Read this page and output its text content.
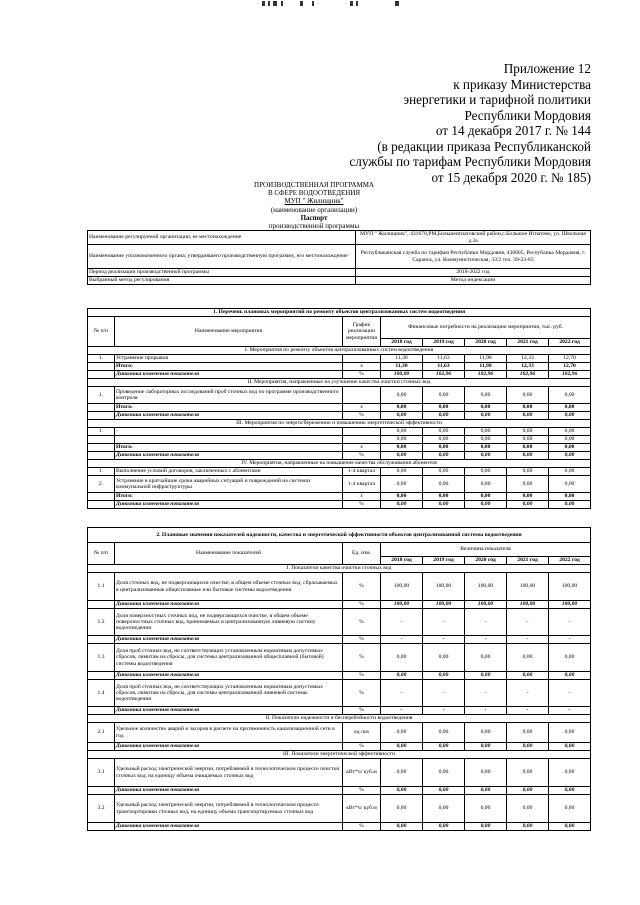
Приложение 12
к приказу Министерства
энергетики и тарифной политики
Республики Мордовия
от 14 декабря 2017 г. № 144
(в редакции приказа Республиканской
службы по тарифам Республики Мордовия
от 15 декабря 2020 г. № 185)
ПРОИЗВОДСТВЕННАЯ ПРОГРАММА
В СФЕРЕ ВОДООТВЕДЕНИЯ
МУП " Жилищник"
(наименование организации)
Паспорт
производственной программы
Наименование регулируемой организации, ее местонахождение	МУП " Жилищник", 431670,РМ,Большеигнатовский район,с.Большое Игнатово, ул. Школьная д.3а
Наименование уполномоченного органа, утвердившего производственную программу, его местонахождение	Республиканская служба по тарифам Республики Мордовия, 430005, Республика Мордовия, г. Саранск, ул. Коммунистическая, 33/2 тел. 39-23-83
Период реализации производственной программы	2018-2022 год
Выбранный метод регулирования	Метод индексации
1. Перечень плановых мероприятий по ремонту объектов централизованных систем водоотведения							
№ п/п	Наименование мероприятия	График реализации мероприятия	Финансовые потребности на реализацию мероприятия, тыс. руб.				
			2018 год	2019 год	2020 год	2021 год	2022 год
I. Мероприятия по ремонту объектов централизованных систем водоотведения							
1.	Устранение прорывов		11,30	11,63	11,98	12,33	12,70
	Итого:	х	11,30	11,63	11,98	12,33	12,70
	Динамика изменения показателя	%	100,00	102,96	102,96	102,96	102,96
II. Мероприятия, направленные на улучшение качества очистки сточных вод							
1.	Проведение лабораторных исследований проб сточных вод по программе производственного контроля		0,00	0,00	0,00	0,00	0,00
	Итого:	х	0,00	0,00	0,00	0,00	0,00
	Динамика изменения показателя	%	0,00	0,00	0,00	0,00	0,00
III. Мероприятия по энергосбережению и повышению энергетической эффективности							
1.	-		0,00	0,00	0,00	0,00	0,00
			0,00	0,00	0,00	0,00	0,00
	Итого:	х	0,00	0,00	0,00	0,00	0,00
	Динамика изменения показателя	%	0,00	0,00	0,00	0,00	0,00
IV. Мероприятия, направленные на повышение качества обслуживания абонентов							
1.	Выполнение условий договоров, заключенных с абонентами	1-4 квартал	0,00	0,00	0,00	0,00	0,00
2.	Устранение в кратчайшие сроки аварийных ситуаций и повреждений на системах коммунальной инфраструктуры	1-4 квартал	0,00	0,00	0,00	0,00	0,00
	Итого:	х	0,00	0,00	0,00	0,00	0,00
	Динамика изменения показателя	%	0,00	0,00	0,00	0,00	0,00
2. Плановые значения показателей надежности, качества и энергетической эффективности объектов централизованной системы водоотведения							
№ п/п	Наименование показателей	Ед. изм.	Величина показателя				
			2018 год	2019 год	2020 год	2021 год	2022 год
I. Показатели качества очистки сточных вод							
1.1	Доля сточных вод, не подвергающихся очистке, в общем объеме сточных вод, сбрасываемых в централизованные общесплавные или бытовые системы водоотведения	%	100,00	100,00	100,00	100,00	100,00
	Динамика изменения показателя	%	100,00	100,00	100,00	100,00	100,00
1.2	Доля поверхностных сточных вод, не подвергающихся очистке, в общем объеме поверхностных сточных вод, принимаемых в централизованную ливневую систему водоотведения	%	-	-	-	-	-
	Динамика изменения показателя	%	-	-	-	-	-
1.3	Доля проб сточных вод, не соответствующих установленным нормативам допустимых сбросов, лимитам на сбросы, для системы централизованной общесплавной (бытовой) системы водоотведения	%	0,00	0,00	0,00	0,00	0,00
	Динамика изменения показателя	%	0,00	0,00	0,00	0,00	0,00
1.4	Доля проб сточных вод, не соответствующих установленным нормативам допустимых сбросов, лимитам на сбросы, для системы централизованной ливневой системы водоотведения	%	-	-	-	-	-
	Динамика изменения показателя	%	-	-	-	-	-
II. Показатели надежности и бесперебойности водоотведения							
2.1	Удельное количество аварий и засоров в расчете на протяженность канализационной сети в год	ед./км	0,00	0,00	0,00	0,00	0,00
	Динамика изменения показателя	%	0,00	0,00	0,00	0,00	0,00
III. Показатели энергетической эффективности							
3.1	Удельный расход электрической энергии, потребляемой в технологическом процессе очистки сточных вод, на единицу объема очищаемых сточных вод	кВт*ч/ куб.м	0,00	0,00	0,00	0,00	0,00
	Динамика изменения показателя	%	0,00	0,00	0,00	0,00	0,00
3.2	Удельный расход электрической энергии, потребляемой в технологическом процессе транспортировки сточных вод, на единицу объема транспортируемых сточных вод	кВт*ч/ куб.м	0,00	0,00	0,00	0,00	0,00
	Динамика изменения показателя	%	0,00	0,00	0,00	0,00	0,00
